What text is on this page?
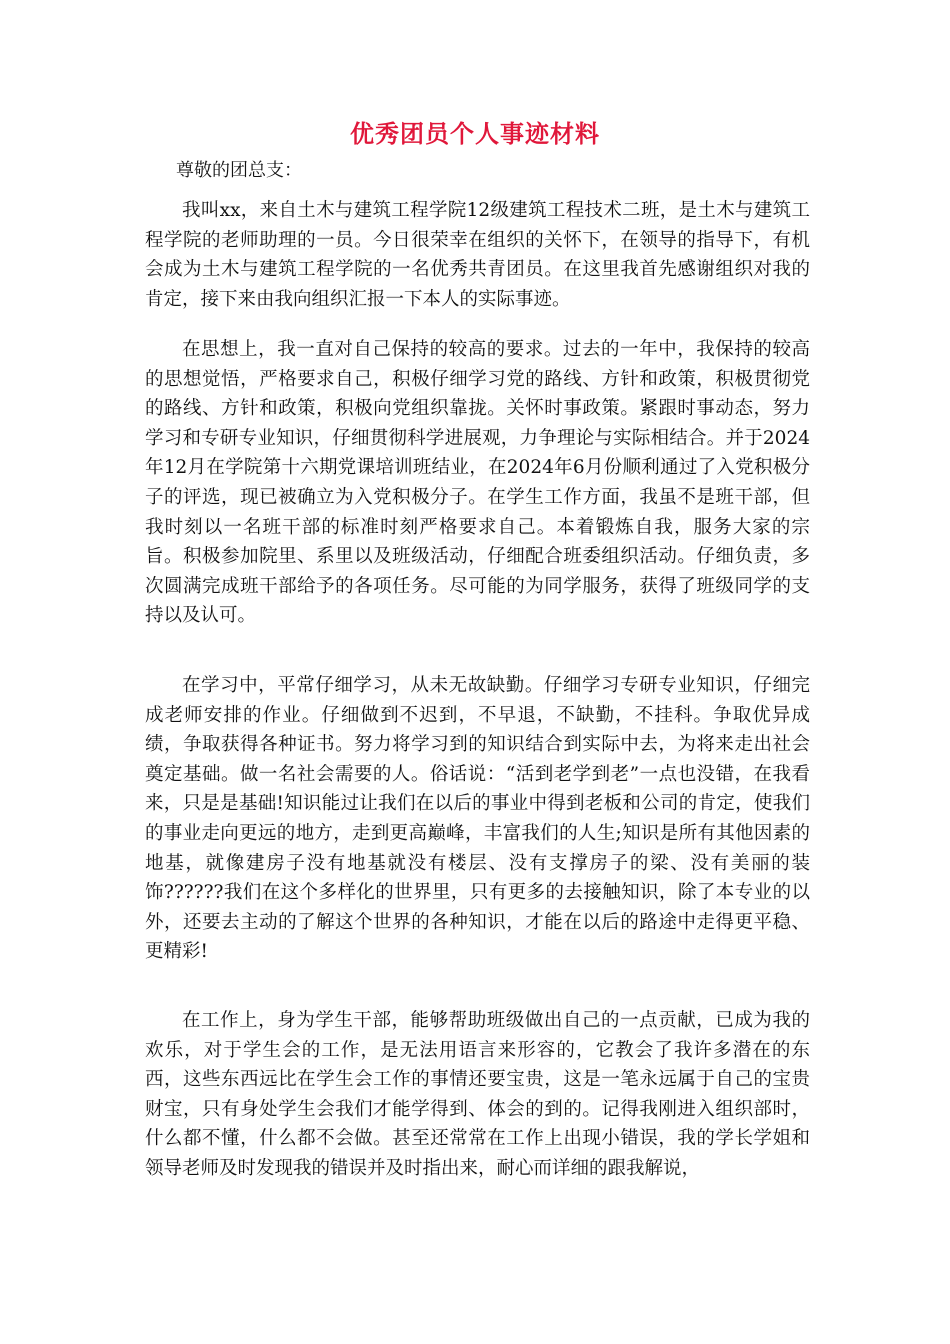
优秀团员个人事迹材料

尊敬的团总支：

我叫xx，来自土木与建筑工程学院12级建筑工程技术二班，是土木与建筑工程学院的老师助理的一员。今日很荣幸在组织的关怀下，在领导的指导下，有机会成为土木与建筑工程学院的一名优秀共青团员。在这里我首先感谢组织对我的肯定，接下来由我向组织汇报一下本人的实际事迹。

在思想上，我一直对自己保持的较高的要求。过去的一年中，我保持的较高的思想觉悟，严格要求自己，积极仔细学习党的路线、方针和政策，积极贯彻党的路线、方针和政策，积极向党组织靠拢。关怀时事政策。紧跟时事动态，努力学习和专研专业知识，仔细贯彻科学进展观，力争理论与实际相结合。并于2024年12月在学院第十六期党课培训班结业，在2024年6月份顺利通过了入党积极分子的评选，现已被确立为入党积极分子。在学生工作方面，我虽不是班干部，但我时刻以一名班干部的标准时刻严格要求自己。本着锻炼自我，服务大家的宗旨。积极参加院里、系里以及班级活动，仔细配合班委组织活动。仔细负责，多次圆满完成班干部给予的各项任务。尽可能的为同学服务，获得了班级同学的支持以及认可。

在学习中，平常仔细学习，从未无故缺勤。仔细学习专研专业知识，仔细完成老师安排的作业。仔细做到不迟到，不早退，不缺勤，不挂科。争取优异成绩，争取获得各种证书。努力将学习到的知识结合到实际中去，为将来走出社会奠定基础。做一名社会需要的人。俗话说：“活到老学到老”一点也没错，在我看来，只是是基础!知识能过让我们在以后的事业中得到老板和公司的肯定，使我们的事业走向更远的地方，走到更高巅峰，丰富我们的人生;知识是所有其他因素的地基，就像建房子没有地基就没有楼层、没有支撑房子的梁、没有美丽的装饰??????我们在这个多样化的世界里，只有更多的去接触知识，除了本专业的以外，还要去主动的了解这个世界的各种知识，才能在以后的路途中走得更平稳、更精彩!

在工作上，身为学生干部，能够帮助班级做出自己的一点贡献，已成为我的欢乐，对于学生会的工作，是无法用语言来形容的，它教会了我许多潜在的东西，这些东西远比在学生会工作的事情还要宝贵，这是一笔永远属于自己的宝贵财宝，只有身处学生会我们才能学得到、体会的到的。记得我刚进入组织部时，什么都不懂，什么都不会做。甚至还常常在工作上出现小错误，我的学长学姐和领导老师及时发现我的错误并及时指出来，耐心而详细的跟我解说，
